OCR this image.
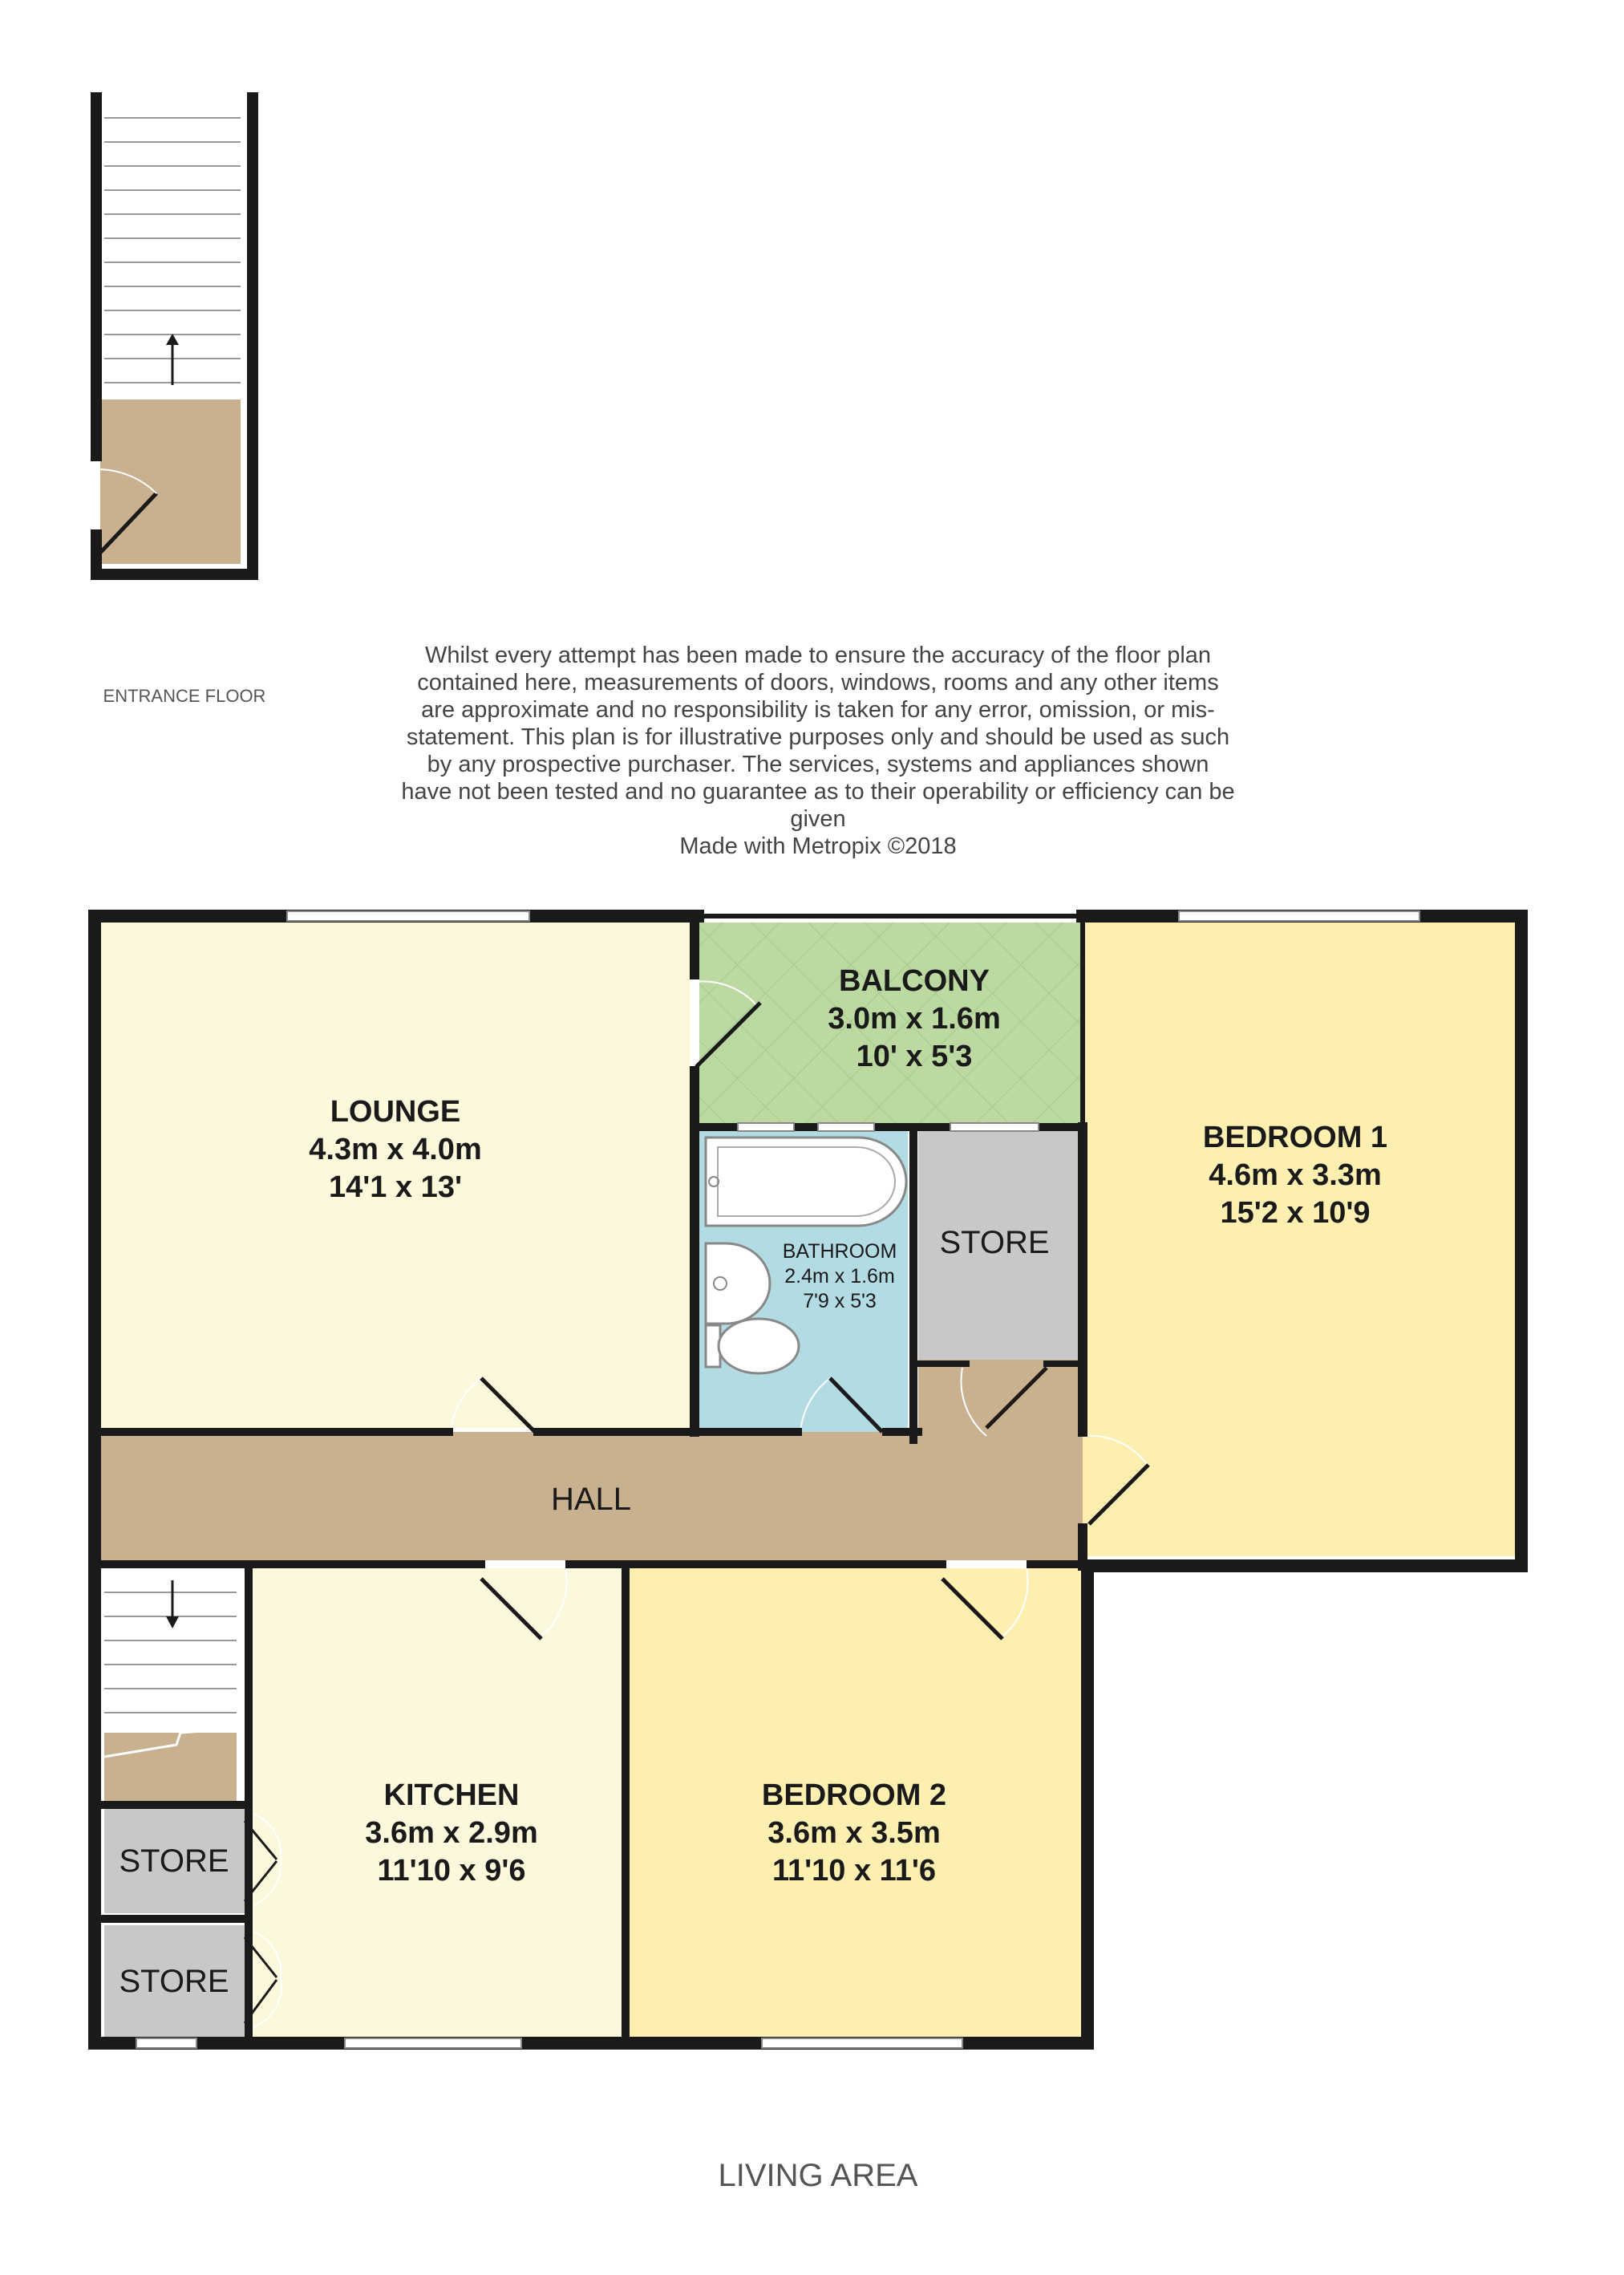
LOUNGE
4.3m x 4.0m
14'1 x 13'
BALCONY
3.0m x 1.6m
10' x 5'3
BEDROOM 1
4.6m x 3.3m
15'2 x 10'9
BATHROOM
2.4m x 1.6m
7'9 x 5'3
STORE
HALL
KITCHEN
3.6m x 2.9m
11'10 x 9'6
BEDROOM 2
3.6m x 3.5m
11'10 x 11'6
STORE
STORE
ENTRANCE FLOOR
Whilst every attempt has been made to ensure the accuracy of the floor plan contained here, measurements of doors, windows, rooms and any other items are approximate and no responsibility is taken for any error, omission, or mis-statement. This plan is for illustrative purposes only and should be used as such by any prospective purchaser. The services, systems and appliances shown have not been tested and no guarantee as to their operability or efficiency can be given
Made with Metropix ©2018
LIVING AREA
